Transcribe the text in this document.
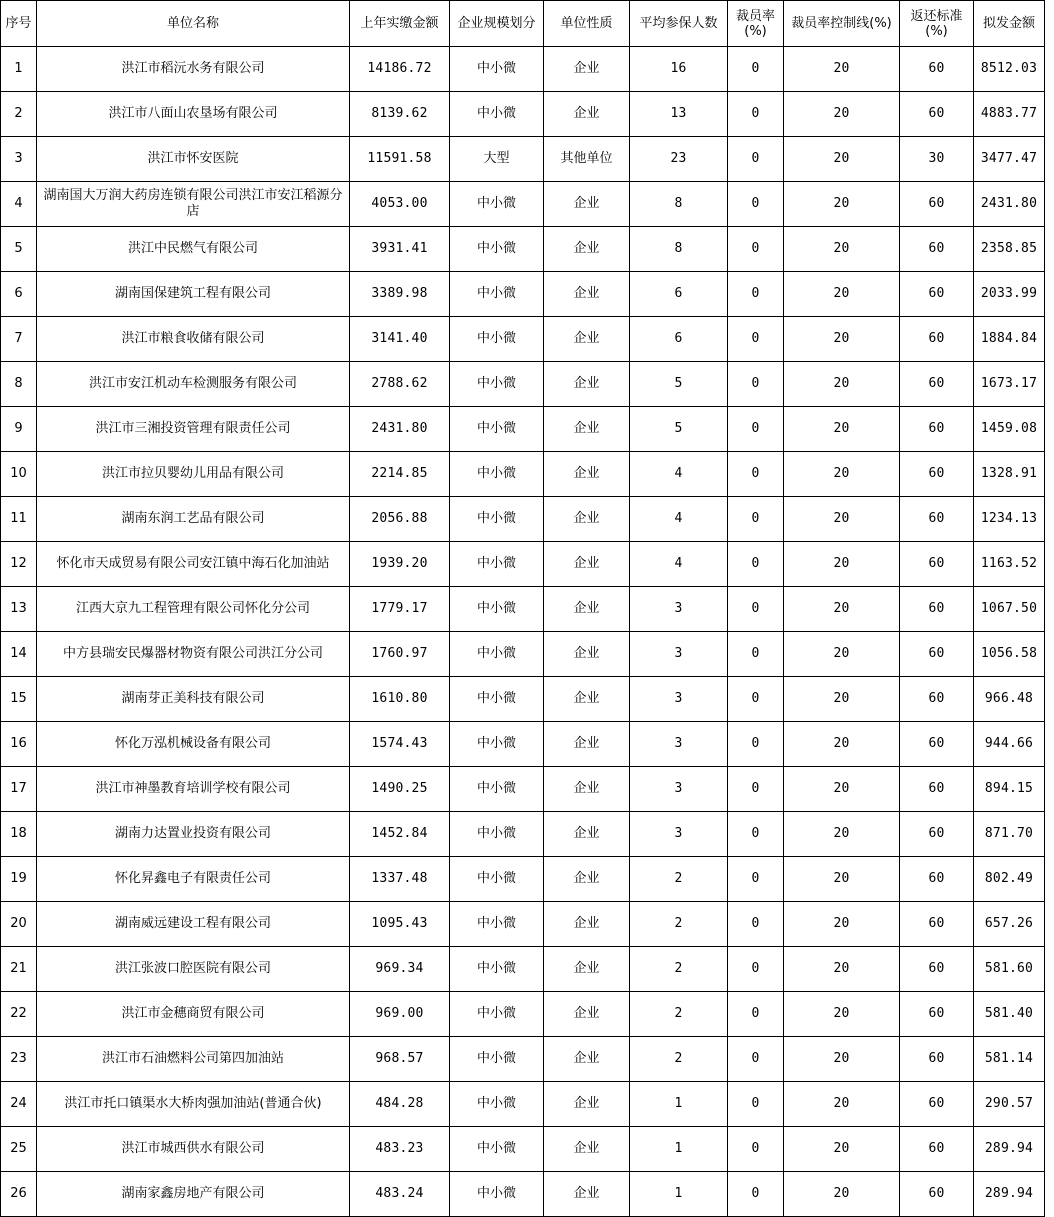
序号	单位名称	上年实缴金额	企业规模划分	单位性质	平均参保人数	裁员率(%)	裁员率控制线(%)	返还标准(%)	拟发金额
1	洪江市稻沅水务有限公司	14186.72	中小微	企业	16	0	20	60	8512.03
2	洪江市八面山农垦场有限公司	8139.62	中小微	企业	13	0	20	60	4883.77
3	洪江市怀安医院	11591.58	大型	其他单位	23	0	20	30	3477.47
4	湖南国大万润大药房连锁有限公司洪江市安江稻源分店	4053.00	中小微	企业	8	0	20	60	2431.80
5	洪江中民燃气有限公司	3931.41	中小微	企业	8	0	20	60	2358.85
6	湖南国保建筑工程有限公司	3389.98	中小微	企业	6	0	20	60	2033.99
7	洪江市粮食收储有限公司	3141.40	中小微	企业	6	0	20	60	1884.84
8	洪江市安江机动车检测服务有限公司	2788.62	中小微	企业	5	0	20	60	1673.17
9	洪江市三湘投资管理有限责任公司	2431.80	中小微	企业	5	0	20	60	1459.08
10	洪江市拉贝婴幼儿用品有限公司	2214.85	中小微	企业	4	0	20	60	1328.91
11	湖南东润工艺品有限公司	2056.88	中小微	企业	4	0	20	60	1234.13
12	怀化市天成贸易有限公司安江镇中海石化加油站	1939.20	中小微	企业	4	0	20	60	1163.52
13	江西大京九工程管理有限公司怀化分公司	1779.17	中小微	企业	3	0	20	60	1067.50
14	中方县瑞安民爆器材物资有限公司洪江分公司	1760.97	中小微	企业	3	0	20	60	1056.58
15	湖南芽正美科技有限公司	1610.80	中小微	企业	3	0	20	60	966.48
16	怀化万泓机械设备有限公司	1574.43	中小微	企业	3	0	20	60	944.66
17	洪江市神墨教育培训学校有限公司	1490.25	中小微	企业	3	0	20	60	894.15
18	湖南力达置业投资有限公司	1452.84	中小微	企业	3	0	20	60	871.70
19	怀化昇鑫电子有限责任公司	1337.48	中小微	企业	2	0	20	60	802.49
20	湖南威远建设工程有限公司	1095.43	中小微	企业	2	0	20	60	657.26
21	洪江张波口腔医院有限公司	969.34	中小微	企业	2	0	20	60	581.60
22	洪江市金穗商贸有限公司	969.00	中小微	企业	2	0	20	60	581.40
23	洪江市石油燃料公司第四加油站	968.57	中小微	企业	2	0	20	60	581.14
24	洪江市托口镇渠水大桥肉强加油站(普通合伙)	484.28	中小微	企业	1	0	20	60	290.57
25	洪江市城西供水有限公司	483.23	中小微	企业	1	0	20	60	289.94
26	湖南家鑫房地产有限公司	483.24	中小微	企业	1	0	20	60	289.94
